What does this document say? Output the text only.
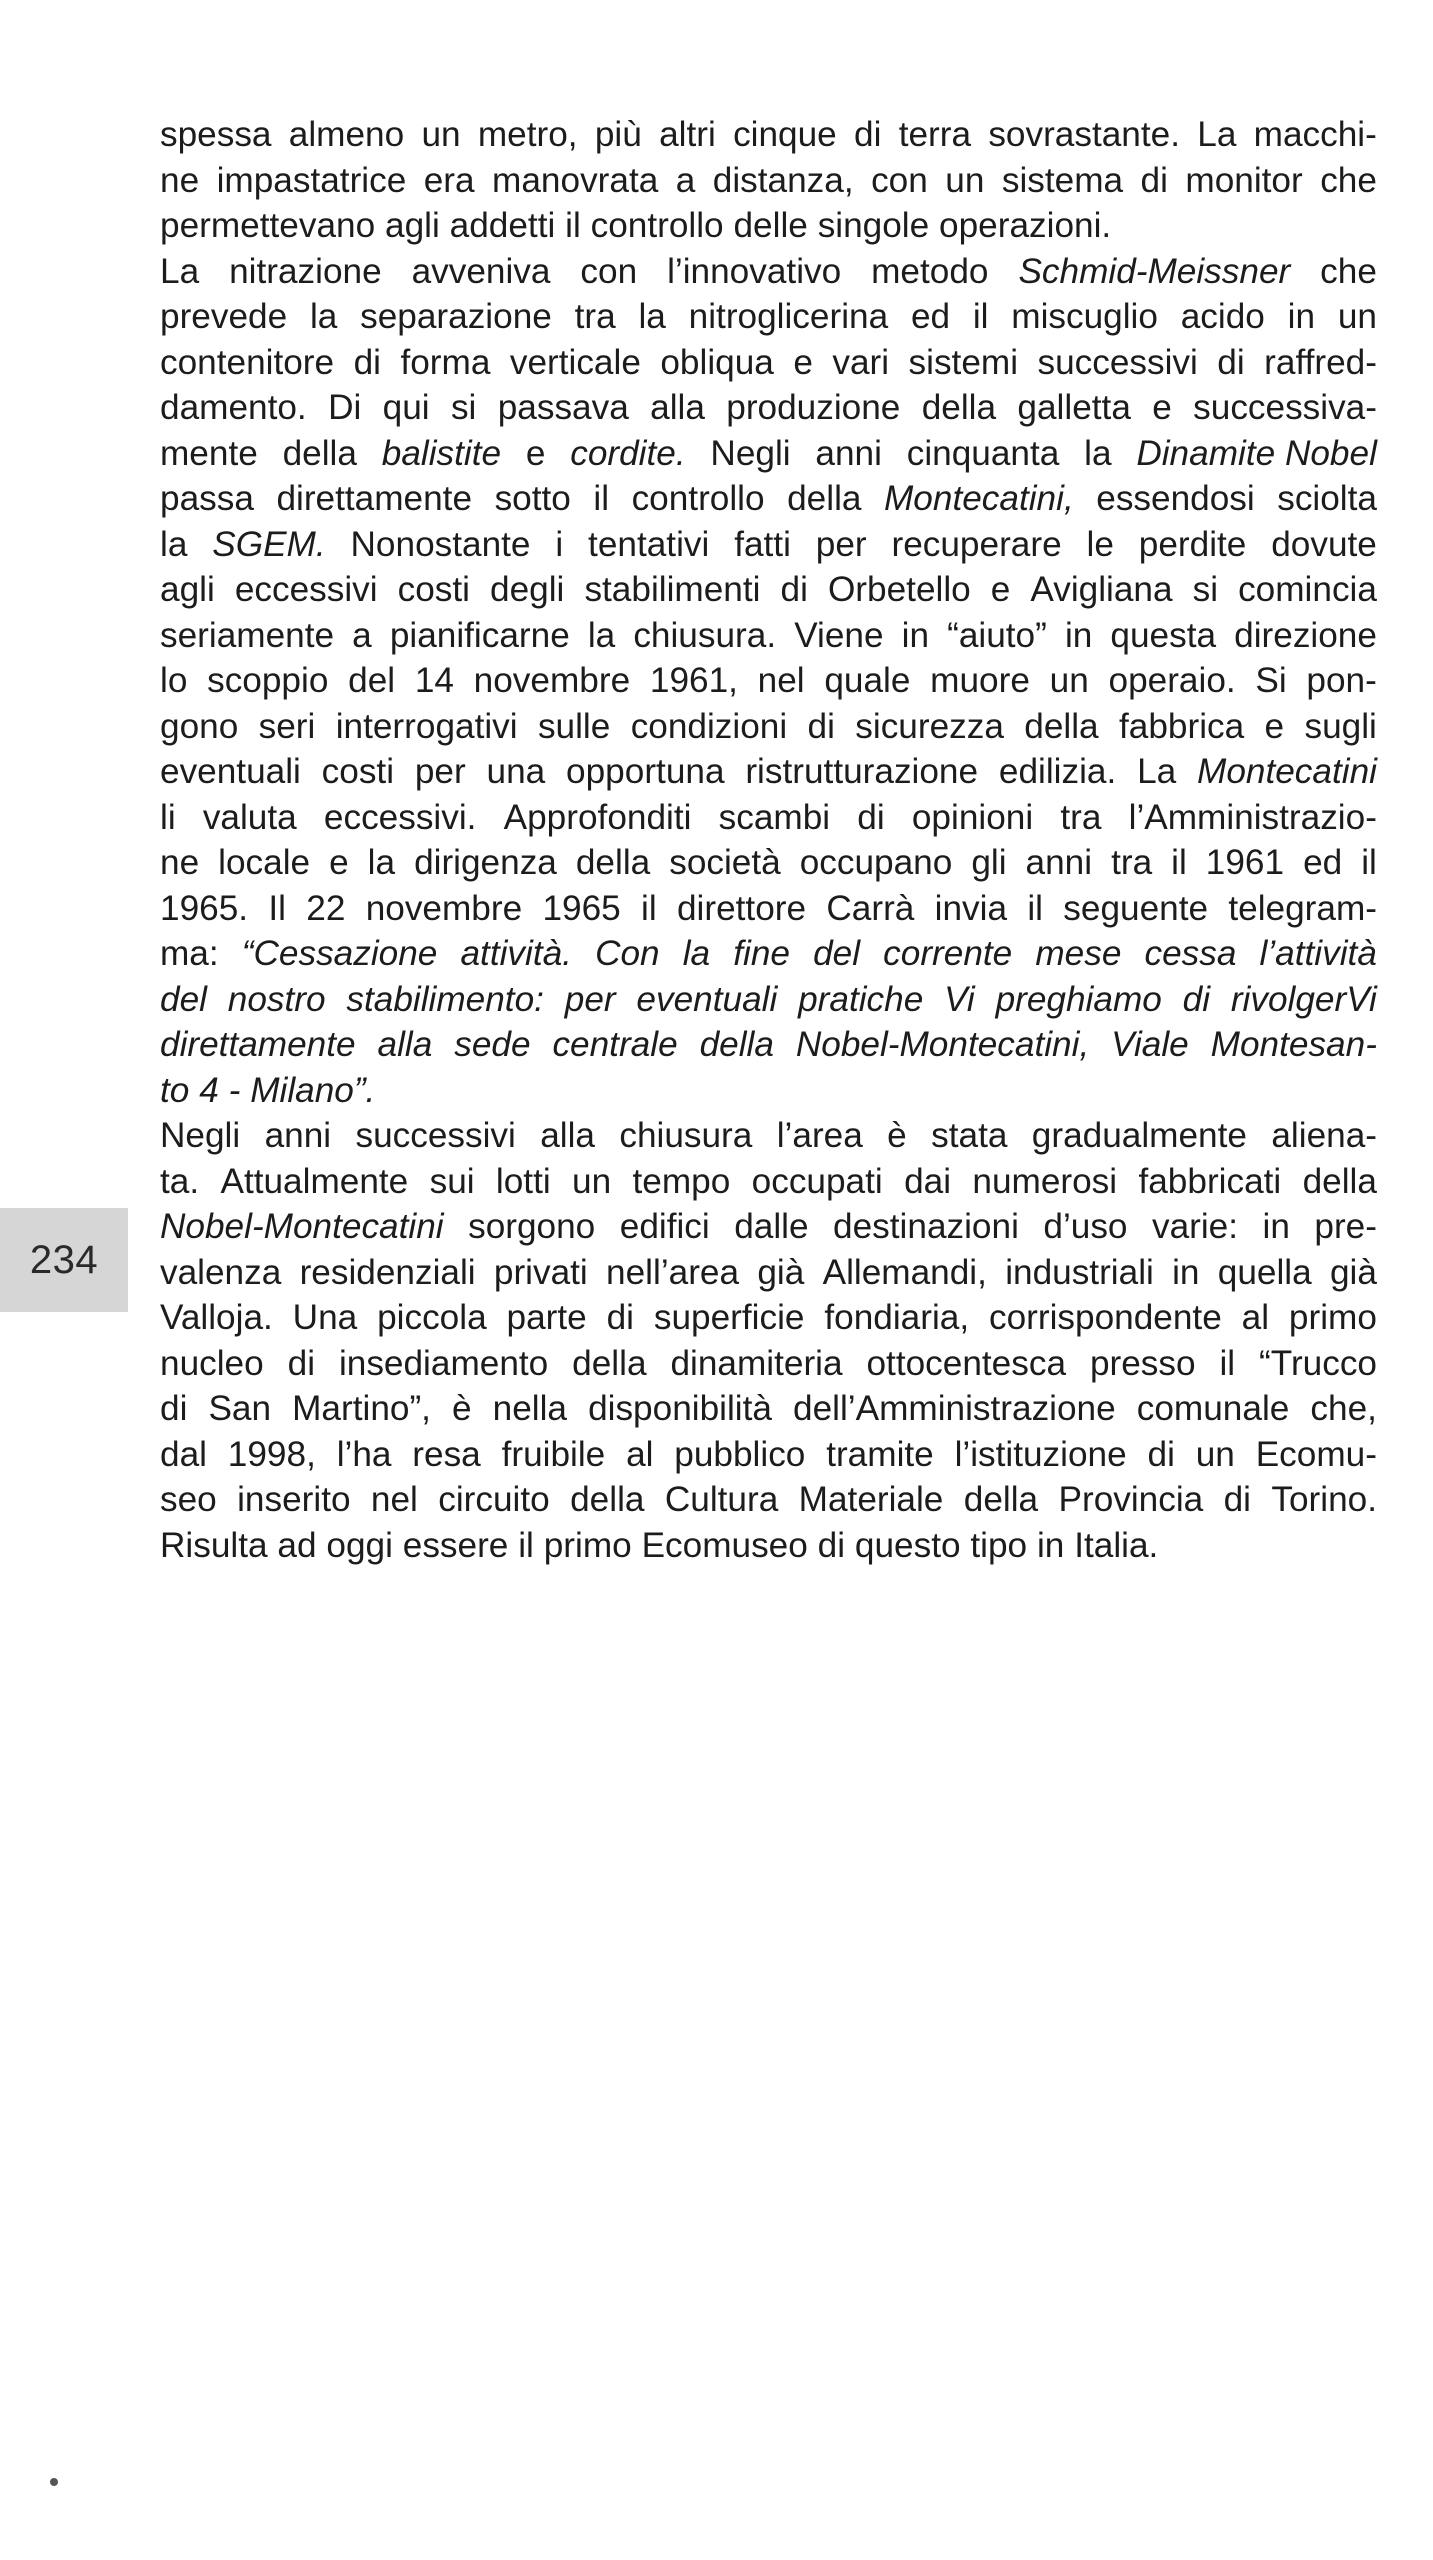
234
spessa almeno un metro, più altri cinque di terra sovrastante. La macchi-
ne impastatrice era manovrata a distanza, con un sistema di monitor che
permettevano agli addetti il controllo delle singole operazioni.
La nitrazione avveniva con l’innovativo metodo Schmid-Meissner che
prevede la separazione tra la nitroglicerina ed il miscuglio acido in un
contenitore di forma verticale obliqua e vari sistemi successivi di raffred-
damento. Di qui si passava alla produzione della galletta e successiva-
mente della balistite e cordite. Negli anni cinquanta la Dinamite Nobel
passa direttamente sotto il controllo della Montecatini, essendosi sciolta
la SGEM. Nonostante i tentativi fatti per recuperare le perdite dovute
agli eccessivi costi degli stabilimenti di Orbetello e Avigliana si comincia
seriamente a pianificarne la chiusura. Viene in “aiuto” in questa direzione
lo scoppio del 14 novembre 1961, nel quale muore un operaio. Si pon-
gono seri interrogativi sulle condizioni di sicurezza della fabbrica e sugli
eventuali costi per una opportuna ristrutturazione edilizia. La Montecatini
li valuta eccessivi. Approfonditi scambi di opinioni tra l’Amministrazio-
ne locale e la dirigenza della società occupano gli anni tra il 1961 ed il
1965. Il 22 novembre 1965 il direttore Carrà invia il seguente telegram-
ma: “Cessazione attività. Con la fine del corrente mese cessa l’attività
del nostro stabilimento: per eventuali pratiche Vi preghiamo di rivolgerVi
direttamente alla sede centrale della Nobel-Montecatini, Viale Montesan-
to 4 - Milano”.
Negli anni successivi alla chiusura l’area è stata gradualmente aliena-
ta. Attualmente sui lotti un tempo occupati dai numerosi fabbricati della
Nobel-Montecatini sorgono edifici dalle destinazioni d’uso varie: in pre-
valenza residenziali privati nell’area già Allemandi, industriali in quella già
Valloja. Una piccola parte di superficie fondiaria, corrispondente al primo
nucleo di insediamento della dinamiteria ottocentesca presso il “Trucco
di San Martino”, è nella disponibilità dell’Amministrazione comunale che,
dal 1998, l’ha resa fruibile al pubblico tramite l’istituzione di un Ecomu-
seo inserito nel circuito della Cultura Materiale della Provincia di Torino.
Risulta ad oggi essere il primo Ecomuseo di questo tipo in Italia.
